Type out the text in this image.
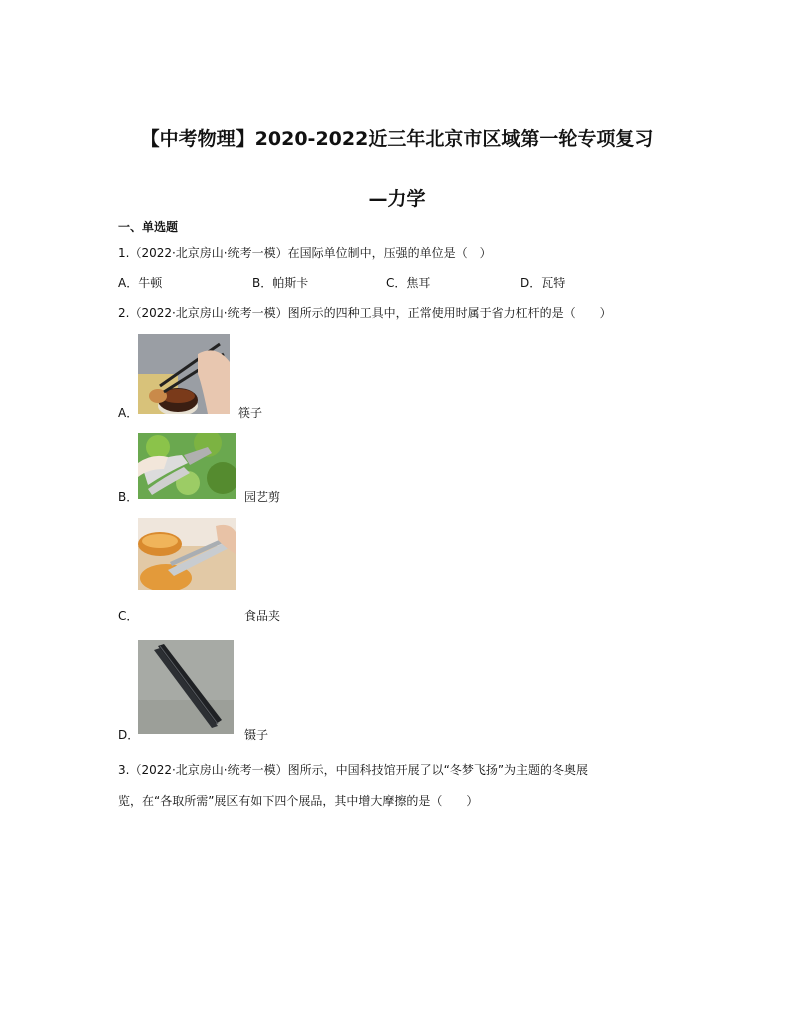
【中考物理】2020-2022近三年北京市区域第一轮专项复习
—力学
一、单选题
1.（2022·北京房山·统考一模）在国际单位制中，压强的单位是（　）
A．牛顿	B．帕斯卡	C．焦耳	D．瓦特
2.（2022·北京房山·统考一模）图所示的四种工具中，正常使用时属于省力杠杆的是（　　）
A．	筷子
B．	园艺剪
C．	食品夹
D．	镊子
3.（2022·北京房山·统考一模）图所示，中国科技馆开展了以“冬梦飞扬”为主题的冬奥展
览，在“各取所需”展区有如下四个展品，其中增大摩擦的是（　　）
